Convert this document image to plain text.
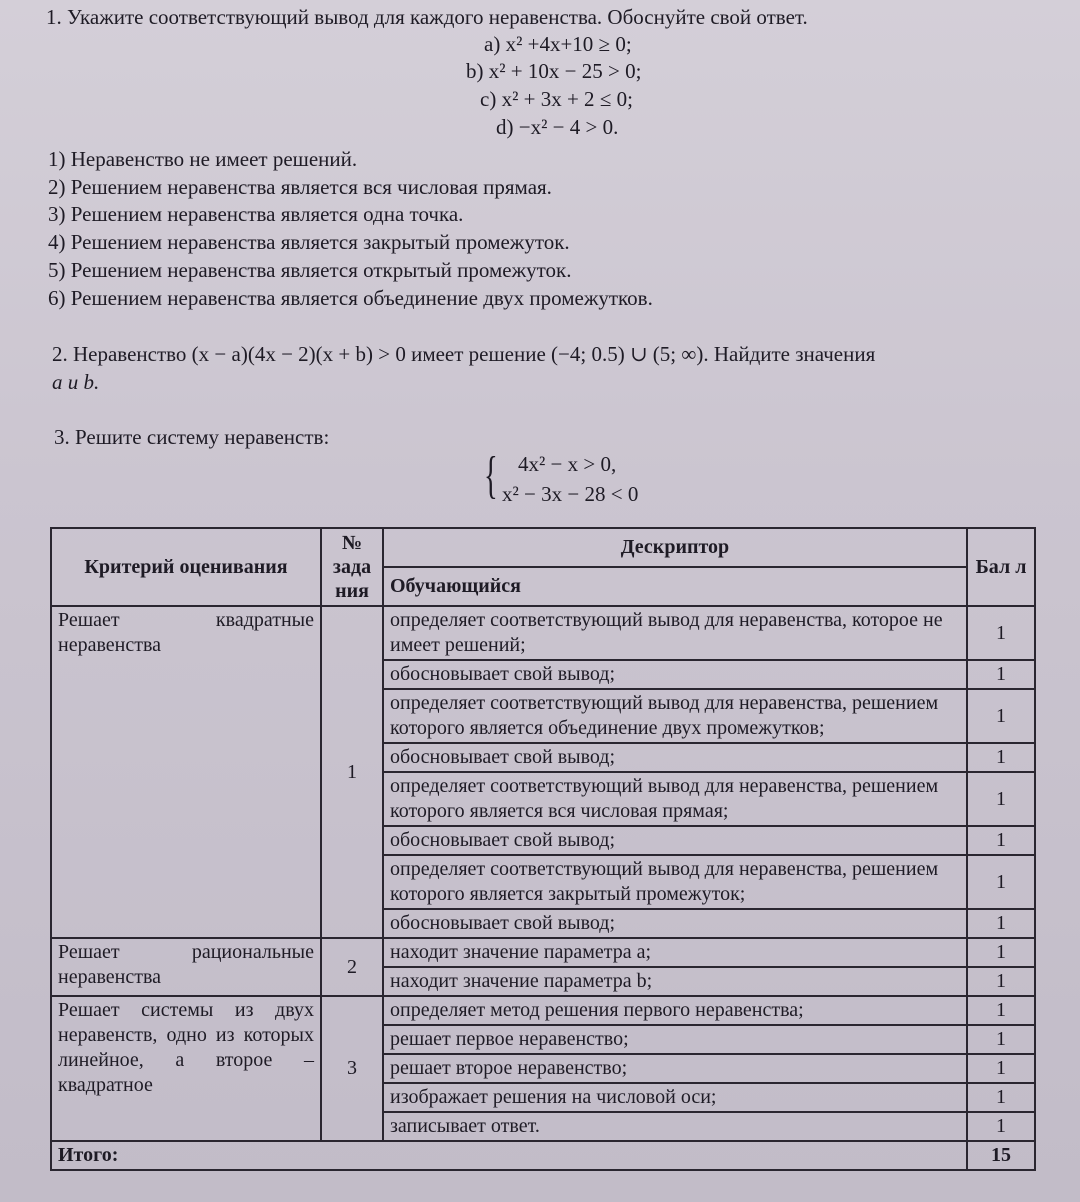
1. Укажите соответствующий вывод для каждого неравенства. Обоснуйте свой ответ.
a) x² +4x+10 ≥ 0;
b) x² + 10x − 25 > 0;
c) x² + 3x + 2 ≤ 0;
d) −x² − 4 > 0.
1) Неравенство не имеет решений.
2) Решением неравенства является вся числовая прямая.
3) Решением неравенства является одна точка.
4) Решением неравенства является закрытый промежуток.
5) Решением неравенства является открытый промежуток.
6) Решением неравенства является объединение двух промежутков.
2. Неравенство (x − a)(4x − 2)(x + b) > 0 имеет решение (−4; 0.5) ∪ (5; ∞). Найдите значения
a и b.
3. Решите систему неравенств:
{ 4x² − x > 0,
x² − 3x − 28 < 0
Критерий оценивания	№ зада ния	Дескриптор	Бал л
		Обучающийся	
Решает квадратные неравенства	1	определяет соответствующий вывод для неравенства, которое не имеет решений;	1
		обосновывает свой вывод;	1
		определяет соответствующий вывод для неравенства, решением которого является объединение двух промежутков;	1
		обосновывает свой вывод;	1
		определяет соответствующий вывод для неравенства, решением которого является вся числовая прямая;	1
		обосновывает свой вывод;	1
		определяет соответствующий вывод для неравенства, решением которого является закрытый промежуток;	1
		обосновывает свой вывод;	1
Решает рациональные неравенства	2	находит значение параметра a;	1
		находит значение параметра b;	1
Решает системы из двух неравенств, одно из которых линейное, а второе – квадратное	3	определяет метод решения первого неравенства;	1
		решает первое неравенство;	1
		решает второе неравенство;	1
		изображает решения на числовой оси;	1
		записывает ответ.	1
Итого:			15
